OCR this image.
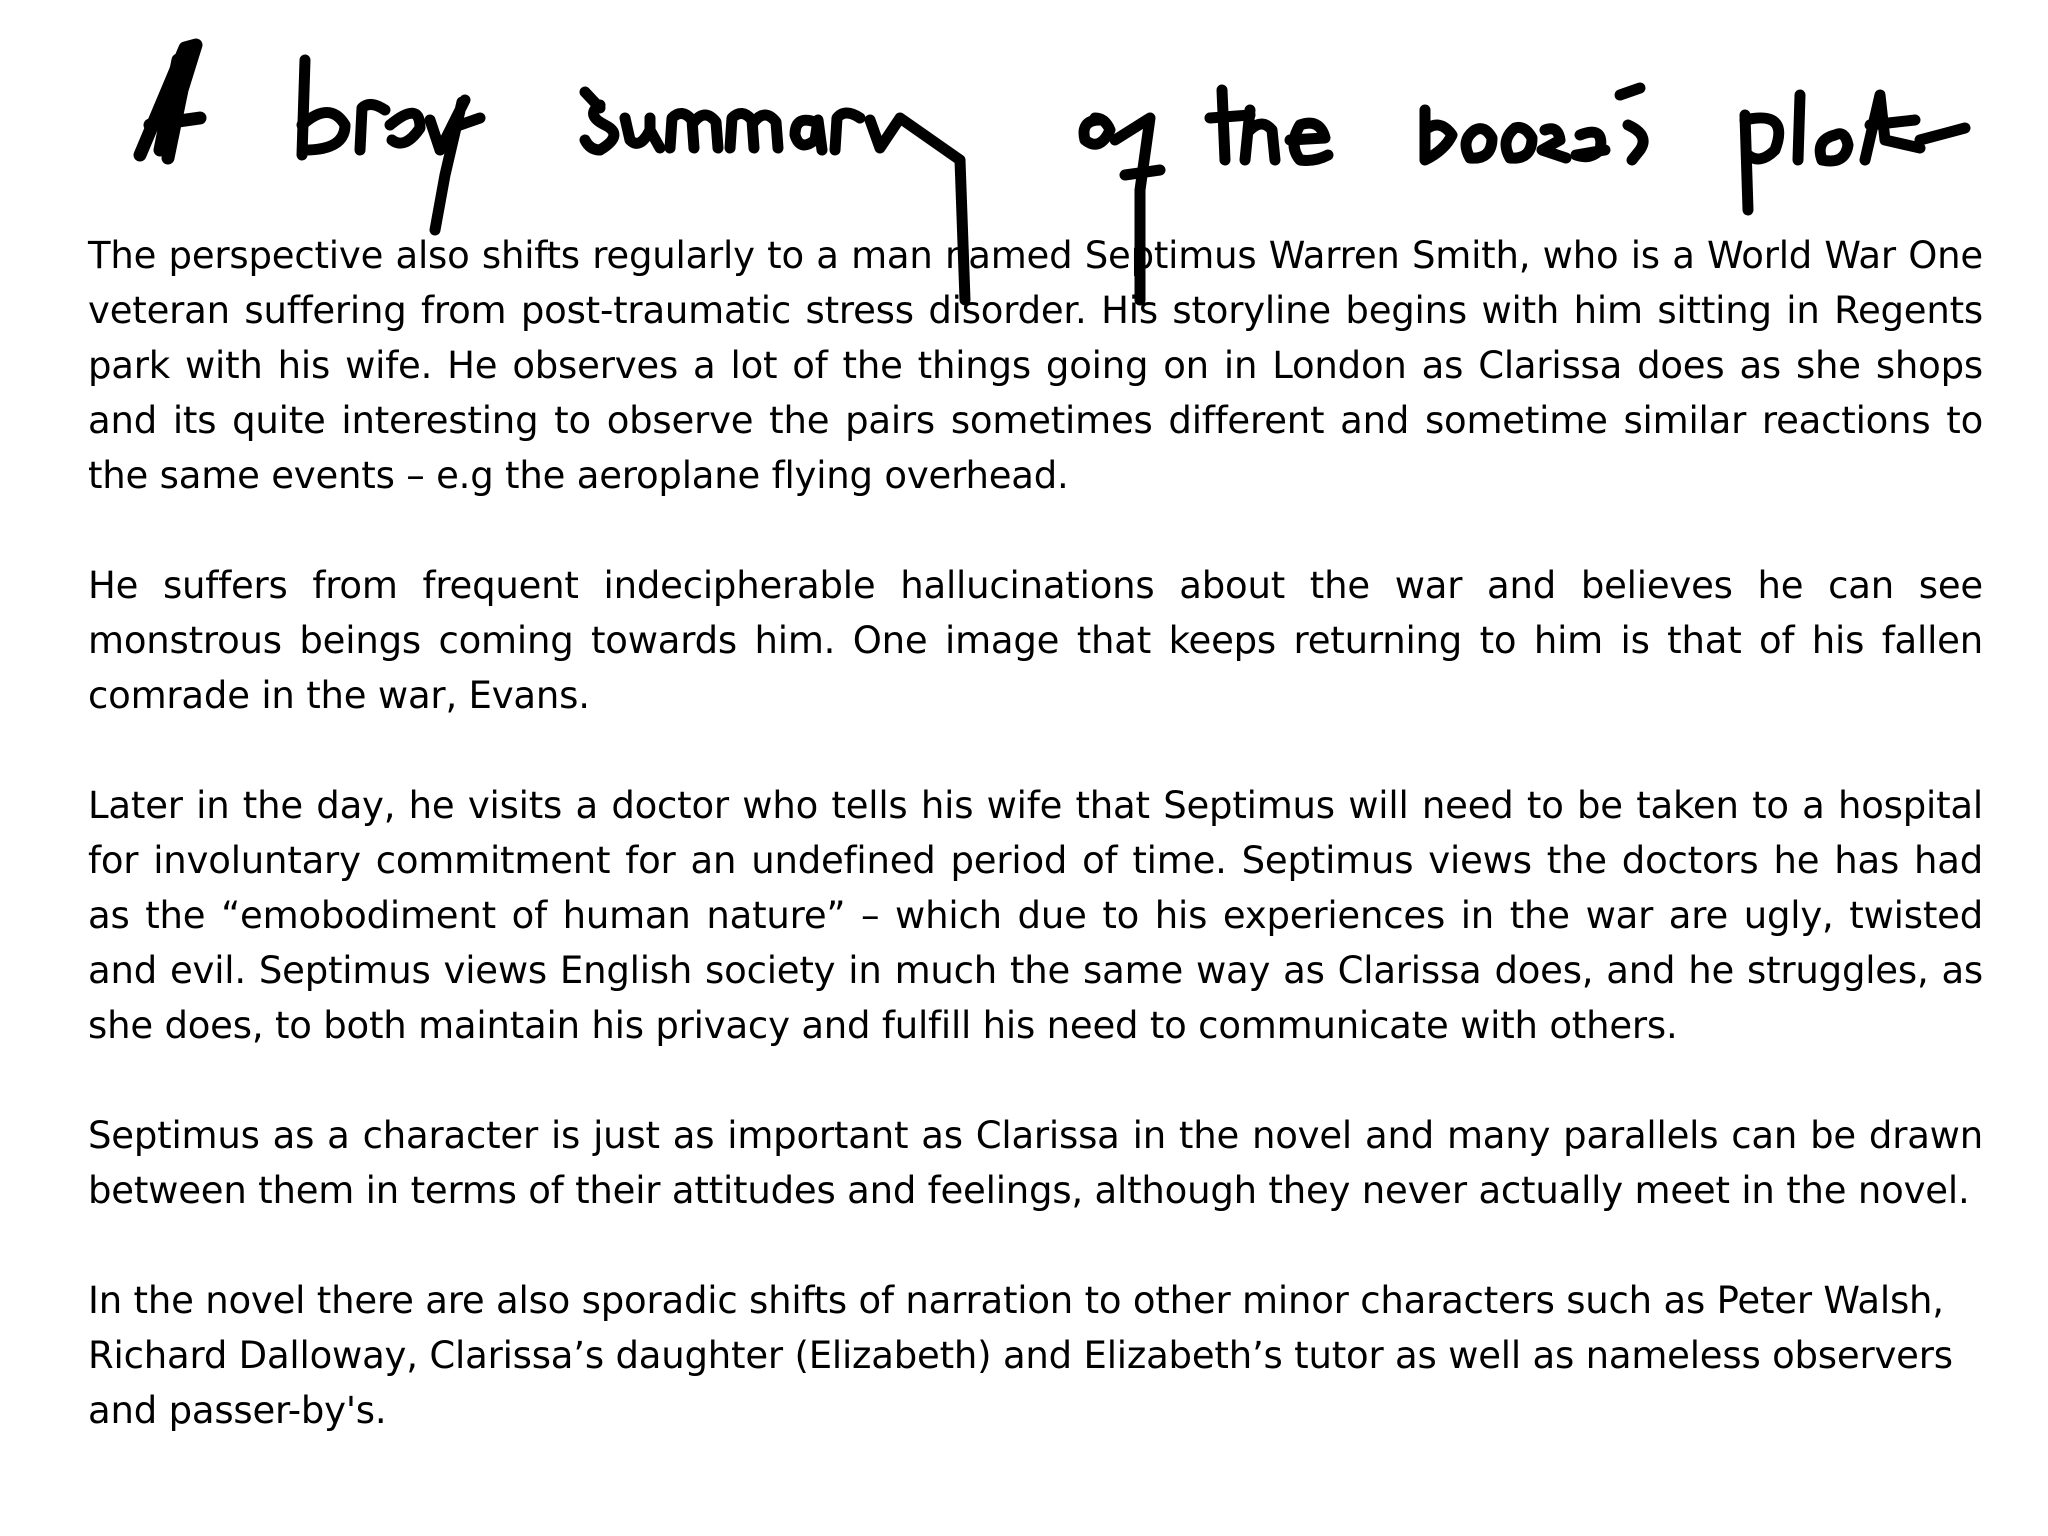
The perspective also shifts regularly to a man named Septimus Warren Smith, who is a World War One veteran suffering from post-traumatic stress disorder. His storyline begins with him sitting in Regents park with his wife. He observes a lot of the things going on in London as Clarissa does as she shops and its quite interesting to observe the pairs sometimes different and sometime similar reactions to the same events – e.g the aeroplane flying overhead.

He suffers from frequent indecipherable hallucinations about the war and believes he can see monstrous beings coming towards him. One image that keeps returning to him is that of his fallen comrade in the war, Evans.

Later in the day, he visits a doctor who tells his wife that Septimus will need to be taken to a hospital for involuntary commitment for an undefined period of time. Septimus views the doctors he has had as the “emobodiment of human nature” – which due to his experiences in the war are ugly, twisted and evil. Septimus views English society in much the same way as Clarissa does, and he struggles, as she does, to both maintain his privacy and fulfill his need to communicate with others.

Septimus as a character is just as important as Clarissa in the novel and many parallels can be drawn between them in terms of their attitudes and feelings, although they never actually meet in the novel.

In the novel there are also sporadic shifts of narration to other minor characters such as Peter Walsh, Richard Dalloway, Clarissa’s daughter (Elizabeth) and Elizabeth’s tutor as well as nameless observers and passer-by's.
